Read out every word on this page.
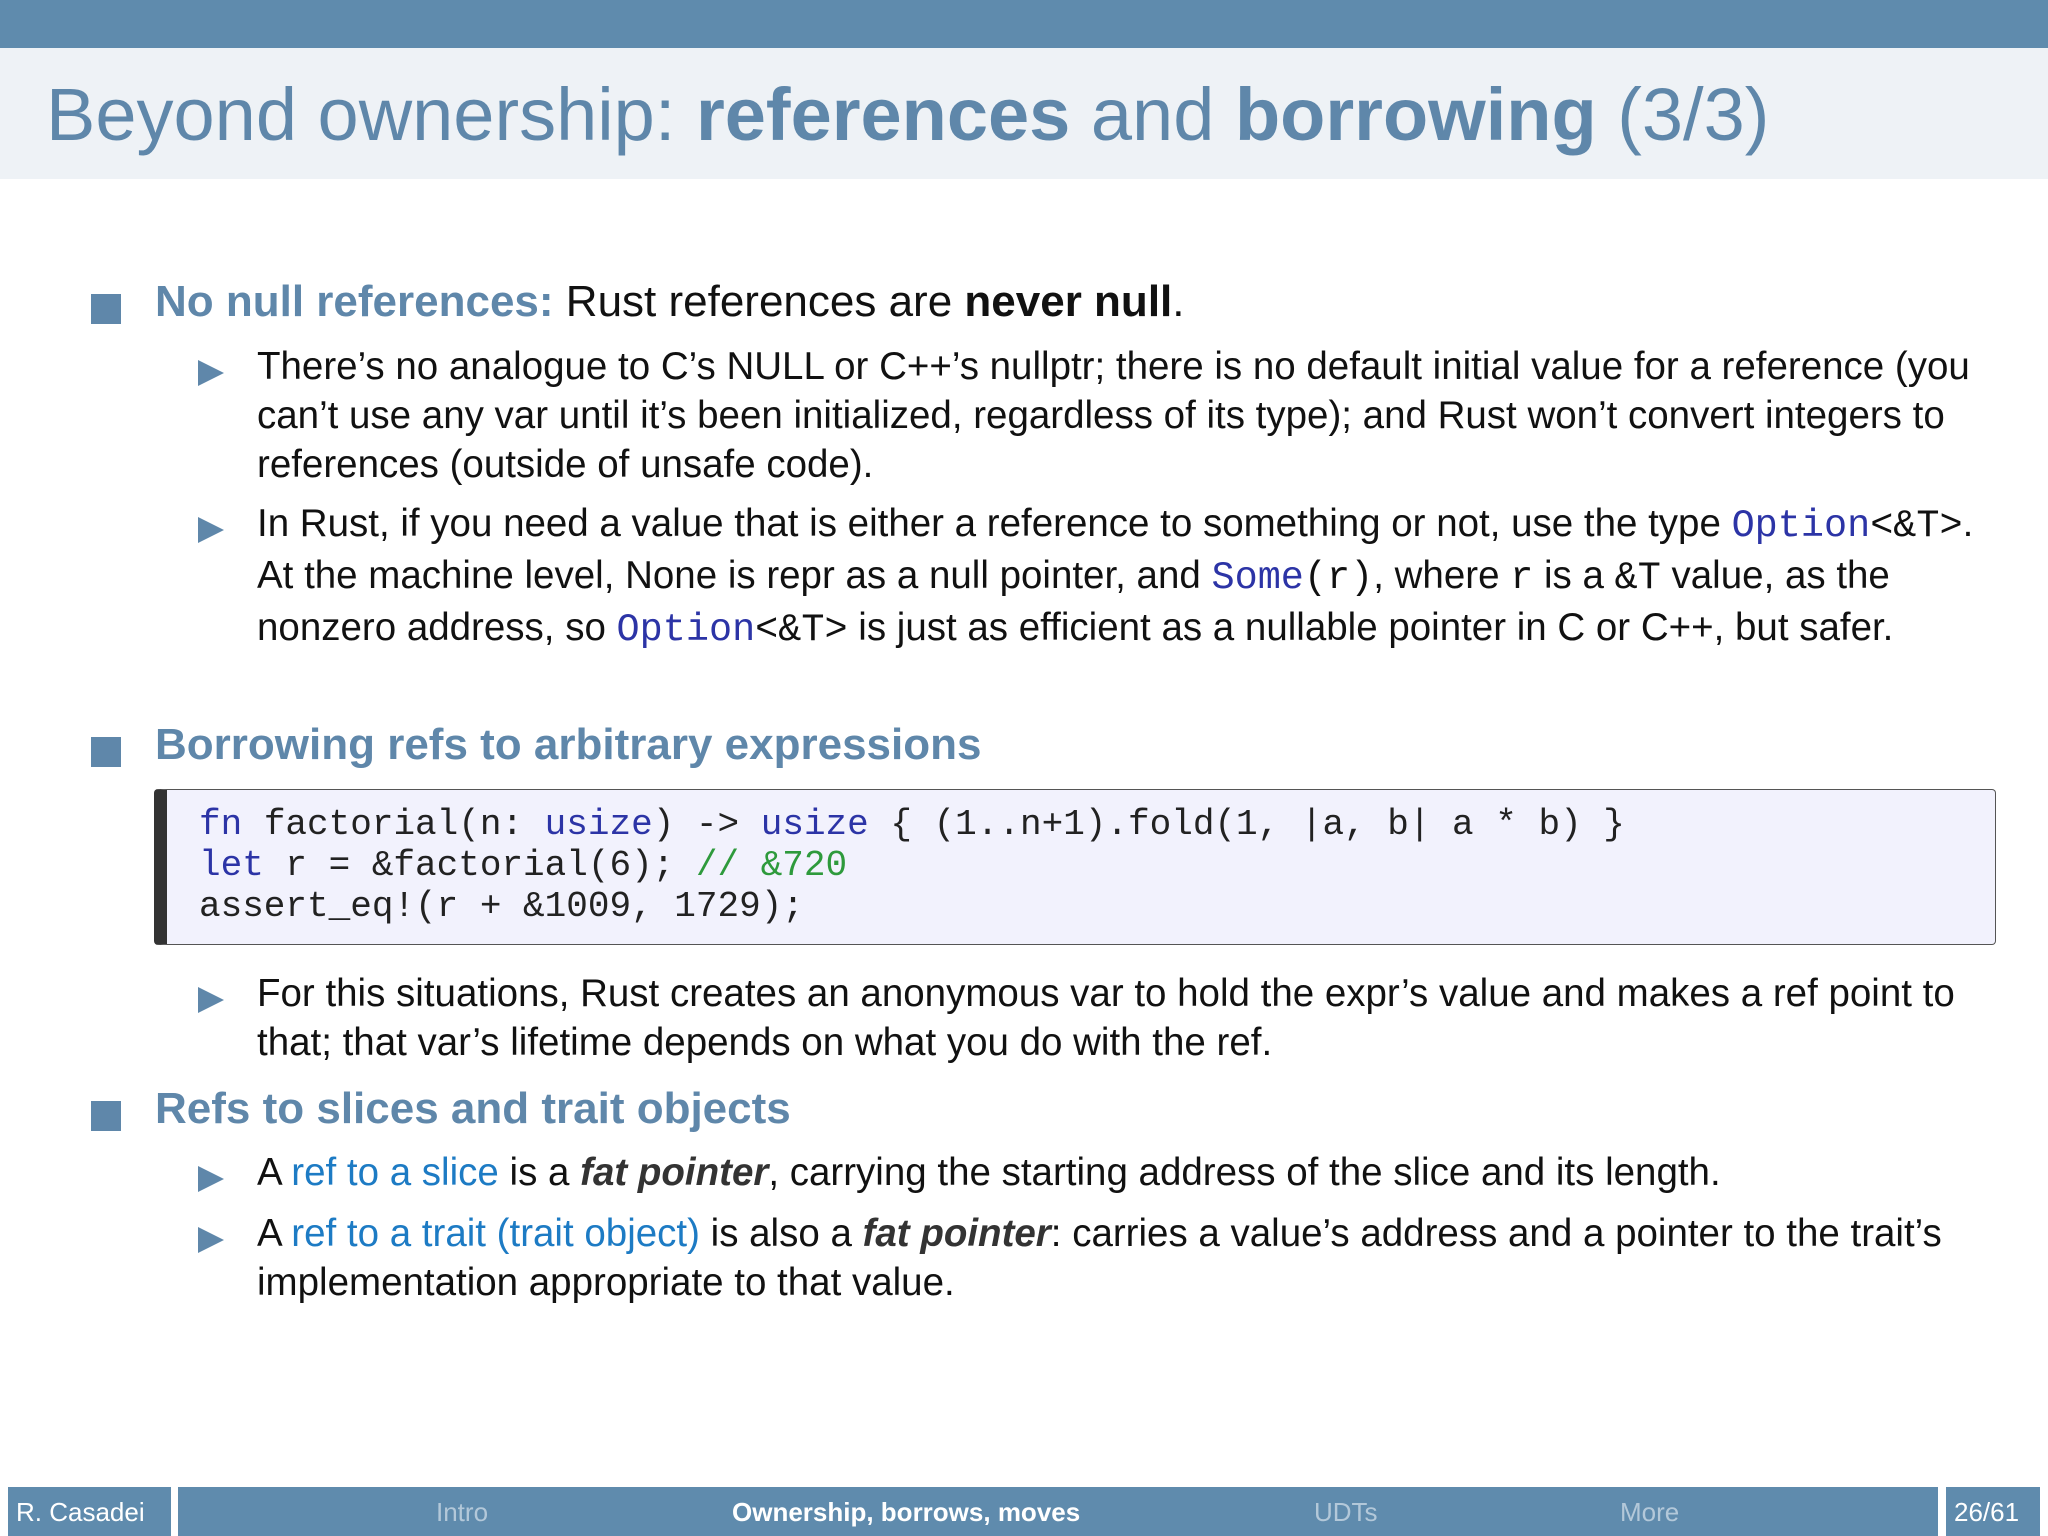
Beyond ownership: references and borrowing (3/3)
No null references: Rust references are never null.
There’s no analogue to C’s NULL or C++’s nullptr; there is no default initial value for a reference (you can’t use any var until it’s been initialized, regardless of its type); and Rust won’t convert integers to references (outside of unsafe code).
In Rust, if you need a value that is either a reference to something or not, use the type Option<&T>. At the machine level, None is repr as a null pointer, and Some(r), where r is a &T value, as the nonzero address, so Option<&T> is just as efficient as a nullable pointer in C or C++, but safer.
Borrowing refs to arbitrary expressions
fn factorial(n: usize) -> usize { (1..n+1).fold(1, |a, b| a * b) }
let r = &factorial(6); // &720
assert_eq!(r + &1009, 1729);
For this situations, Rust creates an anonymous var to hold the expr’s value and makes a ref point to that; that var’s lifetime depends on what you do with the ref.
Refs to slices and trait objects
A ref to a slice is a fat pointer, carrying the starting address of the slice and its length.
A ref to a trait (trait object) is also a fat pointer: carries a value’s address and a pointer to the trait’s implementation appropriate to that value.
R. Casadei	Intro	Ownership, borrows, moves	UDTs	More	26/61
